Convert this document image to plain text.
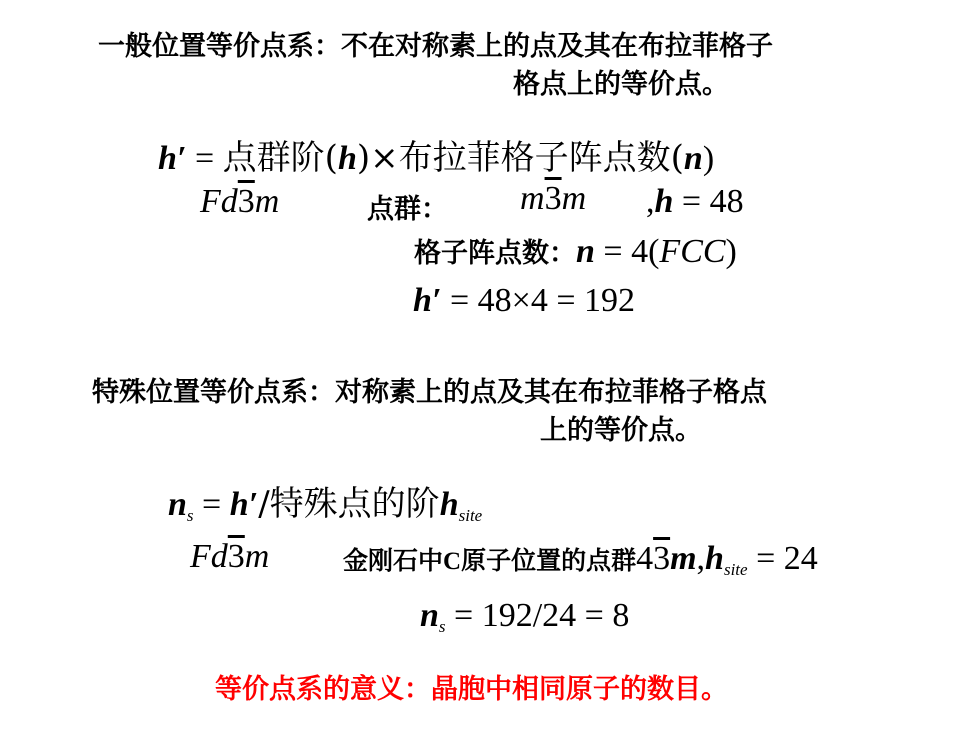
一般位置等价点系：不在对称素上的点及其在布拉菲格子
格点上的等价点。
h′ = 点群阶(h)×布拉菲格子阵点数(n)
Fd3m	点群： m3m ,h = 48
格子阵点数：n = 4(FCC)
h′ = 48×4 = 192
特殊位置等价点系：对称素上的点及其在布拉菲格子格点
上的等价点。
$n_s = h'/$特殊点的阶$h_{site}$
Fd3m	金刚石中C原子位置的点群$43m,h_{site} = 24$
$n_s = 192/24 = 8$
等价点系的意义：晶胞中相同原子的数目。
